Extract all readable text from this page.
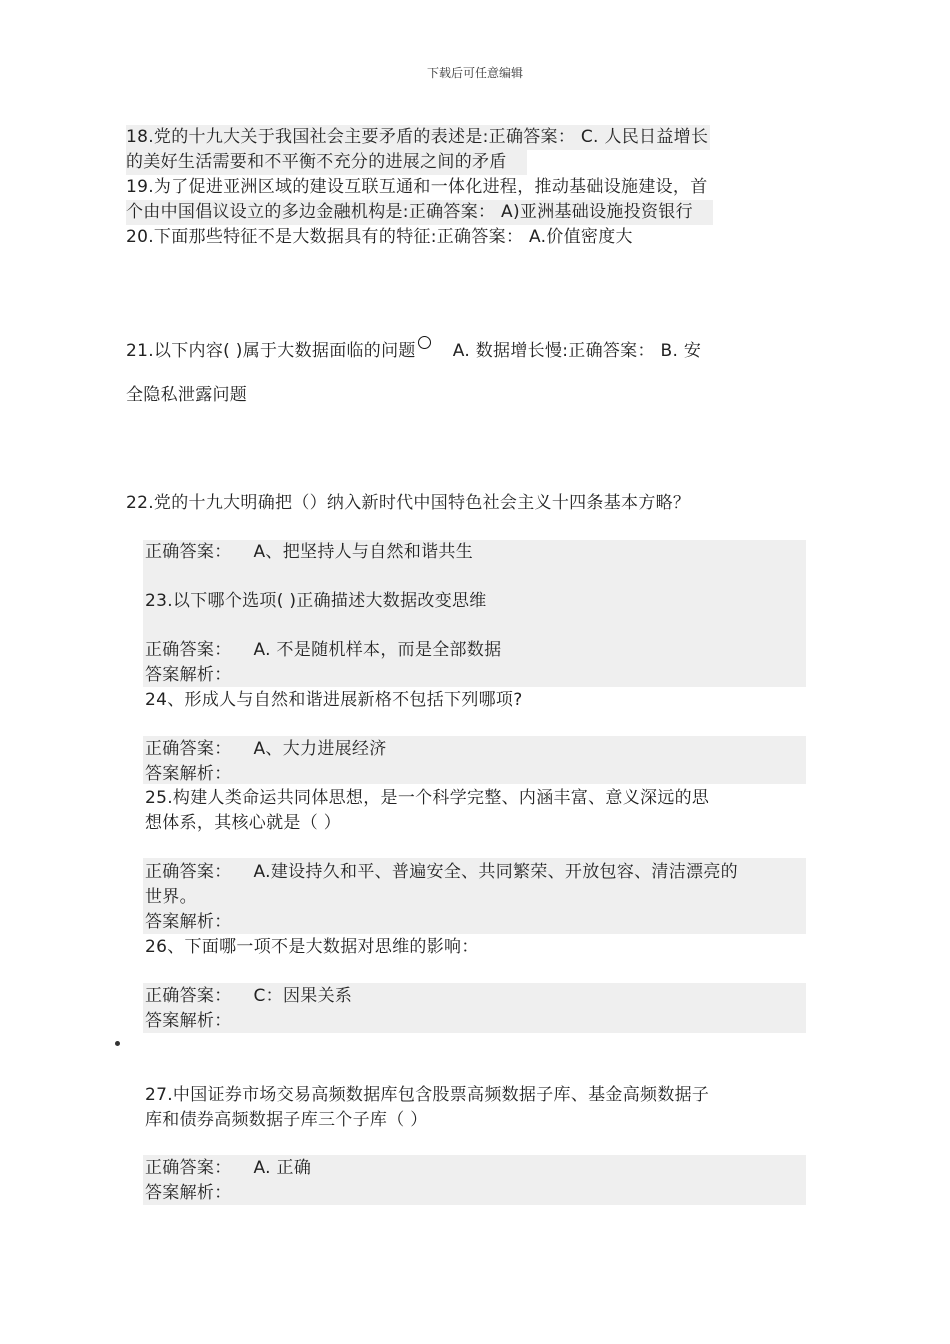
下载后可任意编辑
18.党的十九大关于我国社会主要矛盾的表述是:正确答案： C. 人民日益增长
的美好生活需要和不平衡不充分的进展之间的矛盾
19.为了促进亚洲区域的建设互联互通和一体化进程，推动基础设施建设，首
个由中国倡议设立的多边金融机构是:正确答案： A)亚洲基础设施投资银行
20.下面那些特征不是大数据具有的特征:正确答案： A.价值密度大
21.以下内容( )属于大数据面临的问题 ○ A. 数据增长慢:正确答案： B. 安
全隐私泄露问题
22.党的十九大明确把（）纳入新时代中国特色社会主义十四条基本方略？
正确答案： A、把坚持人与自然和谐共生
23.以下哪个选项( )正确描述大数据改变思维
正确答案： A. 不是随机样本，而是全部数据
答案解析：
24、形成人与自然和谐进展新格不包括下列哪项?
正确答案： A、大力进展经济
答案解析：
25.构建人类命运共同体思想，是一个科学完整、内涵丰富、意义深远的思
想体系，其核心就是（ ）
正确答案： A.建设持久和平、普遍安全、共同繁荣、开放包容、清洁漂亮的
世界。
答案解析：
26、下面哪一项不是大数据对思维的影响：
正确答案： C：因果关系
答案解析：
27.中国证券市场交易高频数据库包含股票高频数据子库、基金高频数据子
库和债券高频数据子库三个子库（ ）
正确答案： A. 正确
答案解析：
